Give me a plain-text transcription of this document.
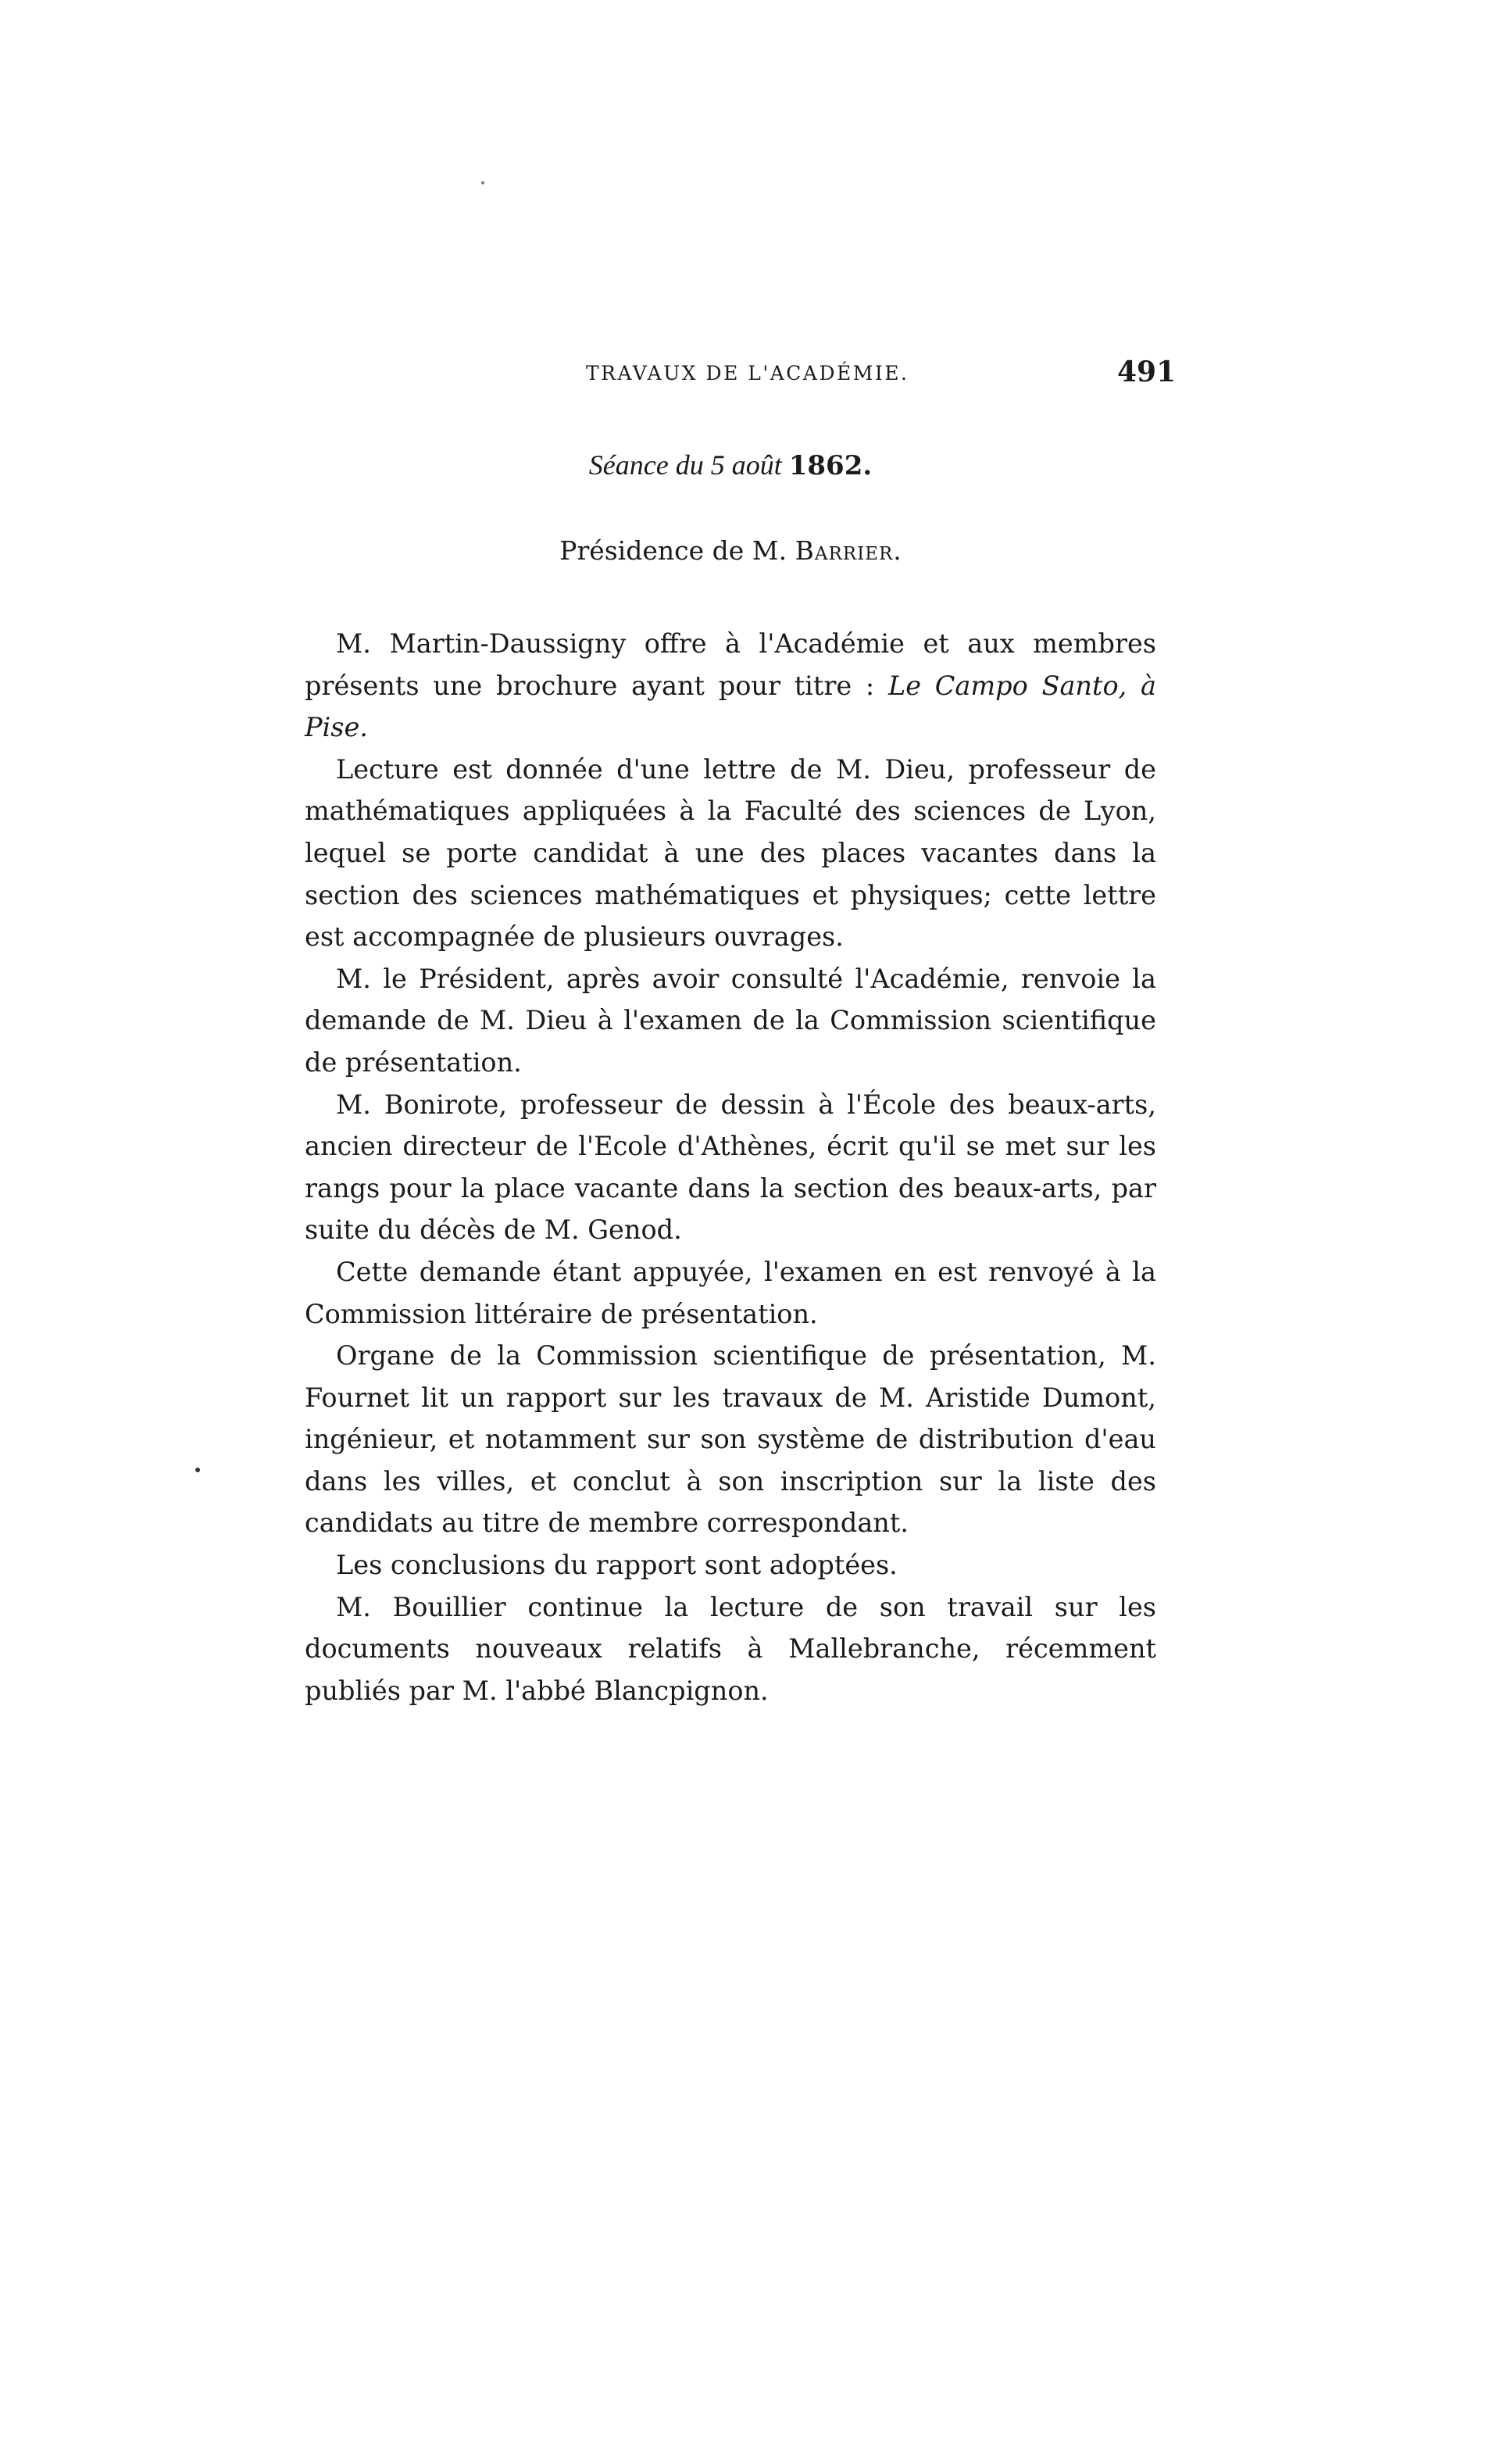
TRAVAUX DE L'ACADÉMIE.	491
Séance du 5 août 1862.
Présidence de M. Barrier.

M. Martin-Daussigny offre à l'Académie et aux membres présents une brochure ayant pour titre : Le Campo Santo, à Pise.

Lecture est donnée d'une lettre de M. Dieu, professeur de mathématiques appliquées à la Faculté des sciences de Lyon, lequel se porte candidat à une des places vacantes dans la section des sciences mathématiques et physiques; cette lettre est accompagnée de plusieurs ouvrages.

M. le Président, après avoir consulté l'Académie, renvoie la demande de M. Dieu à l'examen de la Commission scientifique de présentation.

M. Bonirote, professeur de dessin à l'École des beaux-arts, ancien directeur de l'Ecole d'Athènes, écrit qu'il se met sur les rangs pour la place vacante dans la section des beaux-arts, par suite du décès de M. Genod.

Cette demande étant appuyée, l'examen en est renvoyé à la Commission littéraire de présentation.

Organe de la Commission scientifique de présentation, M. Fournet lit un rapport sur les travaux de M. Aristide Dumont, ingénieur, et notamment sur son système de distribution d'eau dans les villes, et conclut à son inscription sur la liste des candidats au titre de membre correspondant.

Les conclusions du rapport sont adoptées.

M. Bouillier continue la lecture de son travail sur les documents nouveaux relatifs à Mallebranche, récemment publiés par M. l'abbé Blancpignon.
